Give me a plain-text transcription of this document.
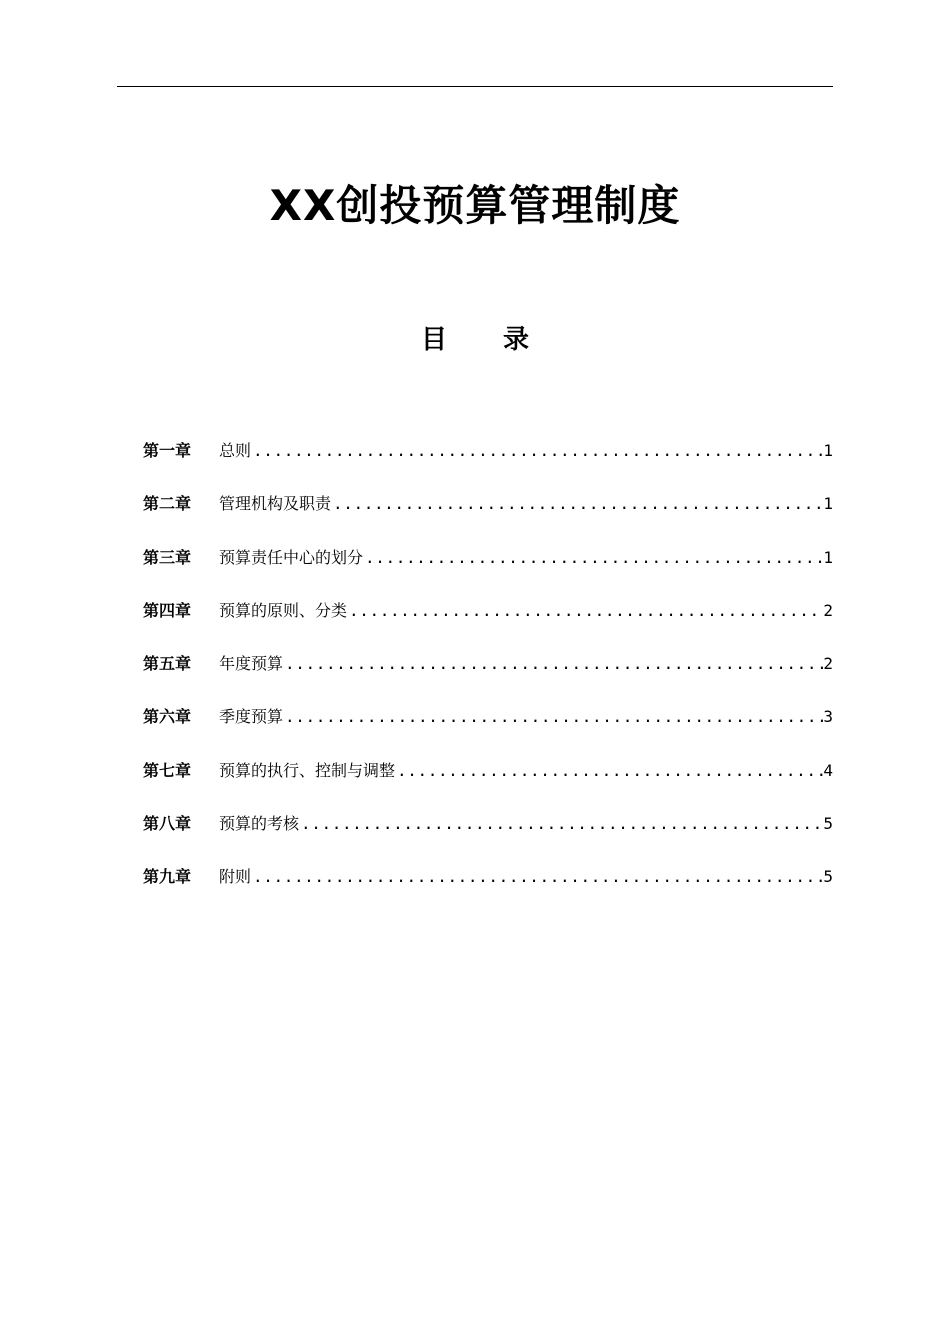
XX创投预算管理制度
目录
第一章	总则 .....	1
第二章	管理机构及职责 .....	1
第三章	预算责任中心的划分 .....	1
第四章	预算的原则、分类 .....	2
第五章	年度预算 .....	2
第六章	季度预算 .....	3
第七章	预算的执行、控制与调整 .....	4
第八章	预算的考核 .....	5
第九章	附则 .....	5
